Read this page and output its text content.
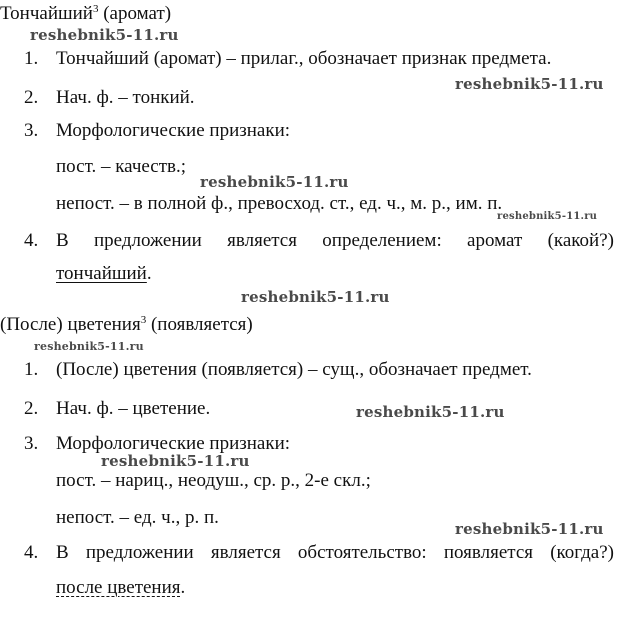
Тончайший$^3$ (аромат)
1. Тончайший (аромат) – прилаг., обозначает признак предмета.
2. Нач. ф. – тонкий.
3. Морфологические признаки:
пост. – качеств.;
непост. – в полной ф., превосход. ст., ед. ч., м. р., им. п.
4. В предложении является определением: аромат (какой?)
тончайший.
(После) цветения$^3$ (появляется)
1. (После) цветения (появляется) – сущ., обозначает предмет.
2. Нач. ф. – цветение.
3. Морфологические признаки:
пост. – нариц., неодуш., ср. р., 2-е скл.;
непост. – ед. ч., р. п.
4. В предложении является обстоятельство: появляется (когда?)
после цветения.
reshebnik5-11.ru
reshebnik5-11.ru
reshebnik5-11.ru
reshebnik5-11.ru
reshebnik5-11.ru
reshebnik5-11.ru
reshebnik5-11.ru
reshebnik5-11.ru
reshebnik5-11.ru
